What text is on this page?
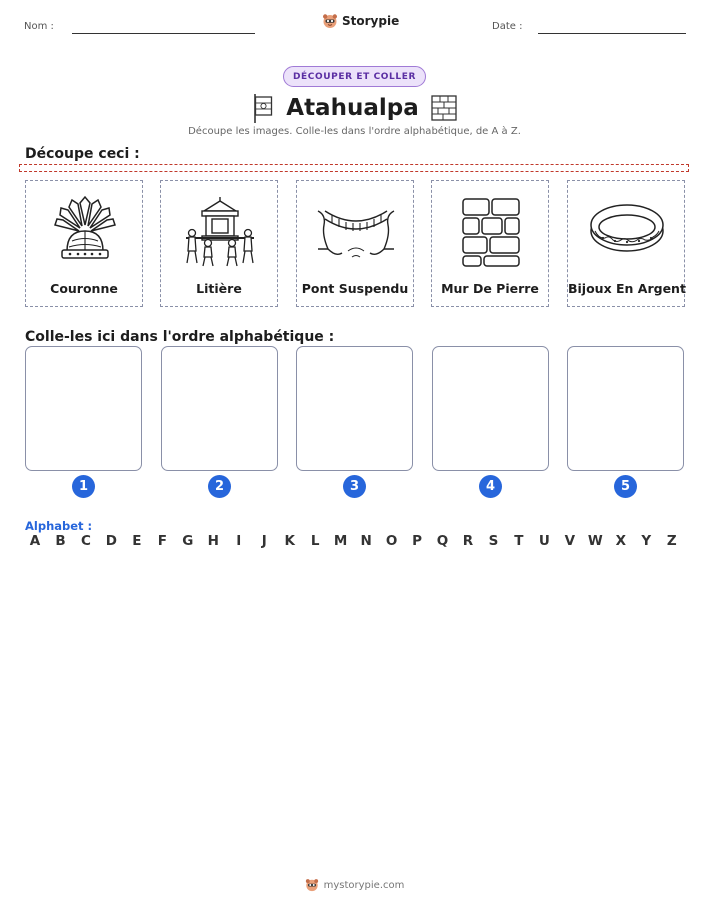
Nom :	Storypie	Date :
DÉCOUPER ET COLLER
Atahualpa
Découpe les images. Colle-les dans l'ordre alphabétique, de A à Z.
Découpe ceci :
Couronne	Litière	Pont Suspendu	Mur De Pierre	Bijoux En Argent
Colle-les ici dans l'ordre alphabétique :
1	2	3	4	5
Alphabet :
A	B	C	D	E	F	G	H	I	J	K	L	M N	O	P	Q	R	S	T	U	V W X	Y	Z
mystorypie.com
